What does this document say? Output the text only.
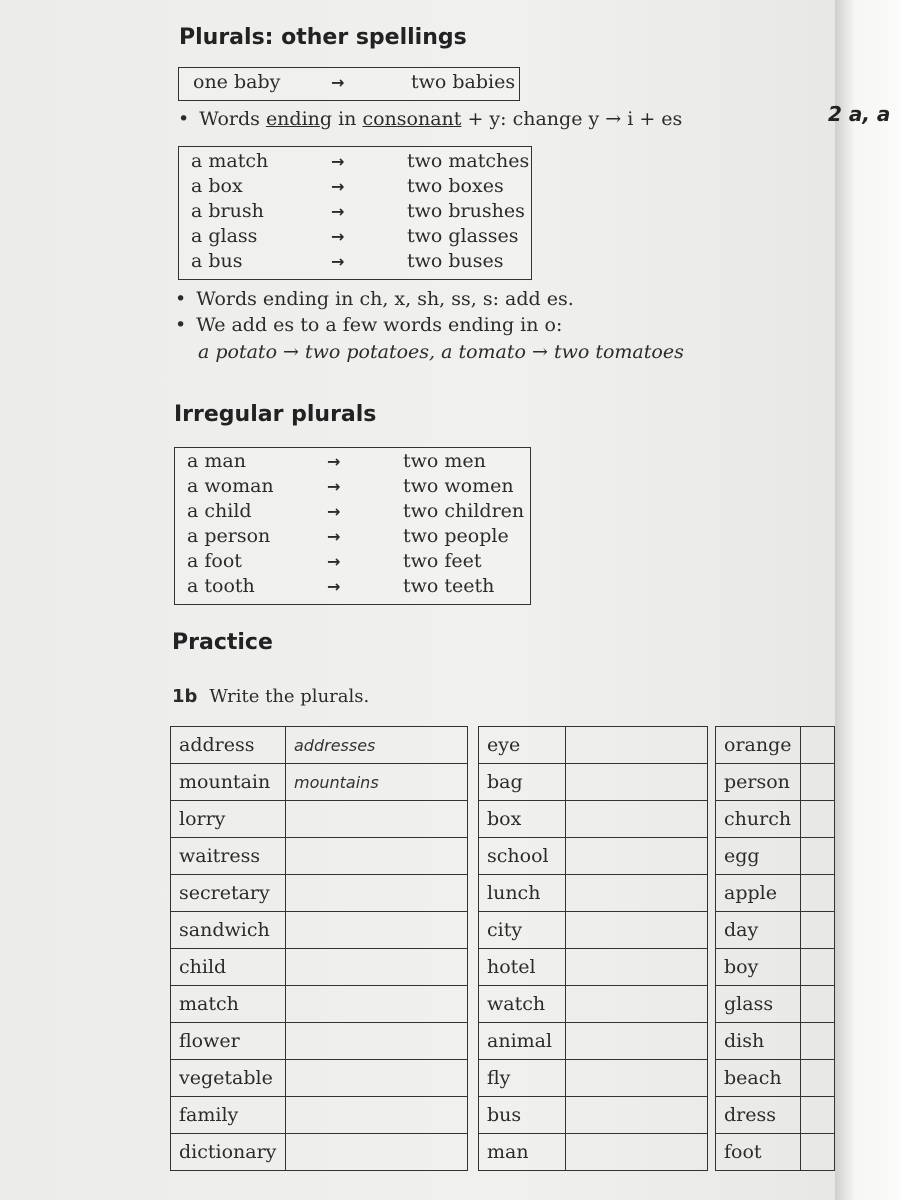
2 a, a
Plurals: other spellings
one baby	→	two babies
• Words ending in consonant + y: change y → i + es
a match	→	two matches
a box	→	two boxes
a brush	→	two brushes
a glass	→	two glasses
a bus	→	two buses
• Words ending in ch, x, sh, ss, s: add es.
• We add es to a few words ending in o:
a potato → two potatoes, a tomato → two tomatoes
Irregular plurals
a man	→	two men
a woman	→	two women
a child	→	two children
a person	→	two people
a foot	→	two feet
a tooth	→	two teeth
Practice
1b Write the plurals.
address	addresses
mountain	mountains
lorry	
waitress	
secretary	
sandwich	
child	
match	
flower	
vegetable	
family	
dictionary	
eye	
bag	
box	
school	
lunch	
city	
hotel	
watch	
animal	
fly	
bus	
man	
orange	
person	
church	
egg	
apple	
day	
boy	
glass	
dish	
beach	
dress	
foot	
